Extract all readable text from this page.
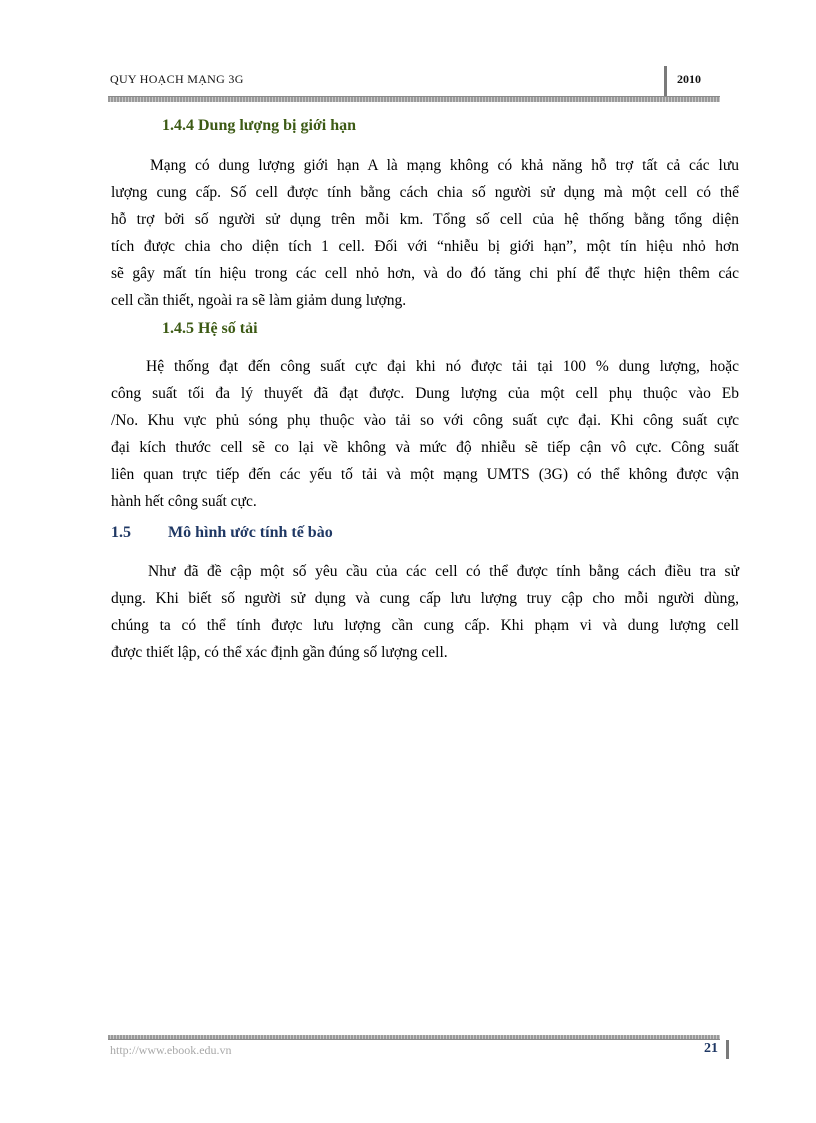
QUY HOẠCH MẠNG 3G	2010
1.4.4 Dung lượng bị giới hạn
Mạng có dung lượng giới hạn A là mạng không có khả năng hỗ trợ tất cả các lưu
lượng cung cấp. Số cell được tính bằng cách chia số người sử dụng mà một cell có thể
hỗ trợ bởi số người sử dụng trên mỗi km. Tổng số cell của hệ thống bằng tổng diện
tích được chia cho diện tích 1 cell. Đối với “nhiễu bị giới hạn”, một tín hiệu nhỏ hơn
sẽ gây mất tín hiệu trong các cell nhỏ hơn, và do đó tăng chi phí để thực hiện thêm các
cell cần thiết, ngoài ra sẽ làm giảm dung lượng.
1.4.5 Hệ số tải
Hệ thống đạt đến công suất cực đại khi nó được tải tại 100 % dung lượng, hoặc
công suất tối đa lý thuyết đã đạt được. Dung lượng của một cell phụ thuộc vào Eb
/No. Khu vực phủ sóng phụ thuộc vào tải so với công suất cực đại. Khi công suất cực
đại kích thước cell sẽ co lại về không và mức độ nhiễu sẽ tiếp cận vô cực. Công suất
liên quan trực tiếp đến các yếu tố tải và một mạng UMTS (3G) có thể không được vận
hành hết công suất cực.
1.5 Mô hình ước tính tế bào
Như đã đề cập một số yêu cầu của các cell có thể được tính bằng cách điều tra sử
dụng. Khi biết số người sử dụng và cung cấp lưu lượng truy cập cho mỗi người dùng,
chúng ta có thể tính được lưu lượng cần cung cấp. Khi phạm vi và dung lượng cell
được thiết lập, có thể xác định gần đúng số lượng cell.
http://www.ebook.edu.vn	21
